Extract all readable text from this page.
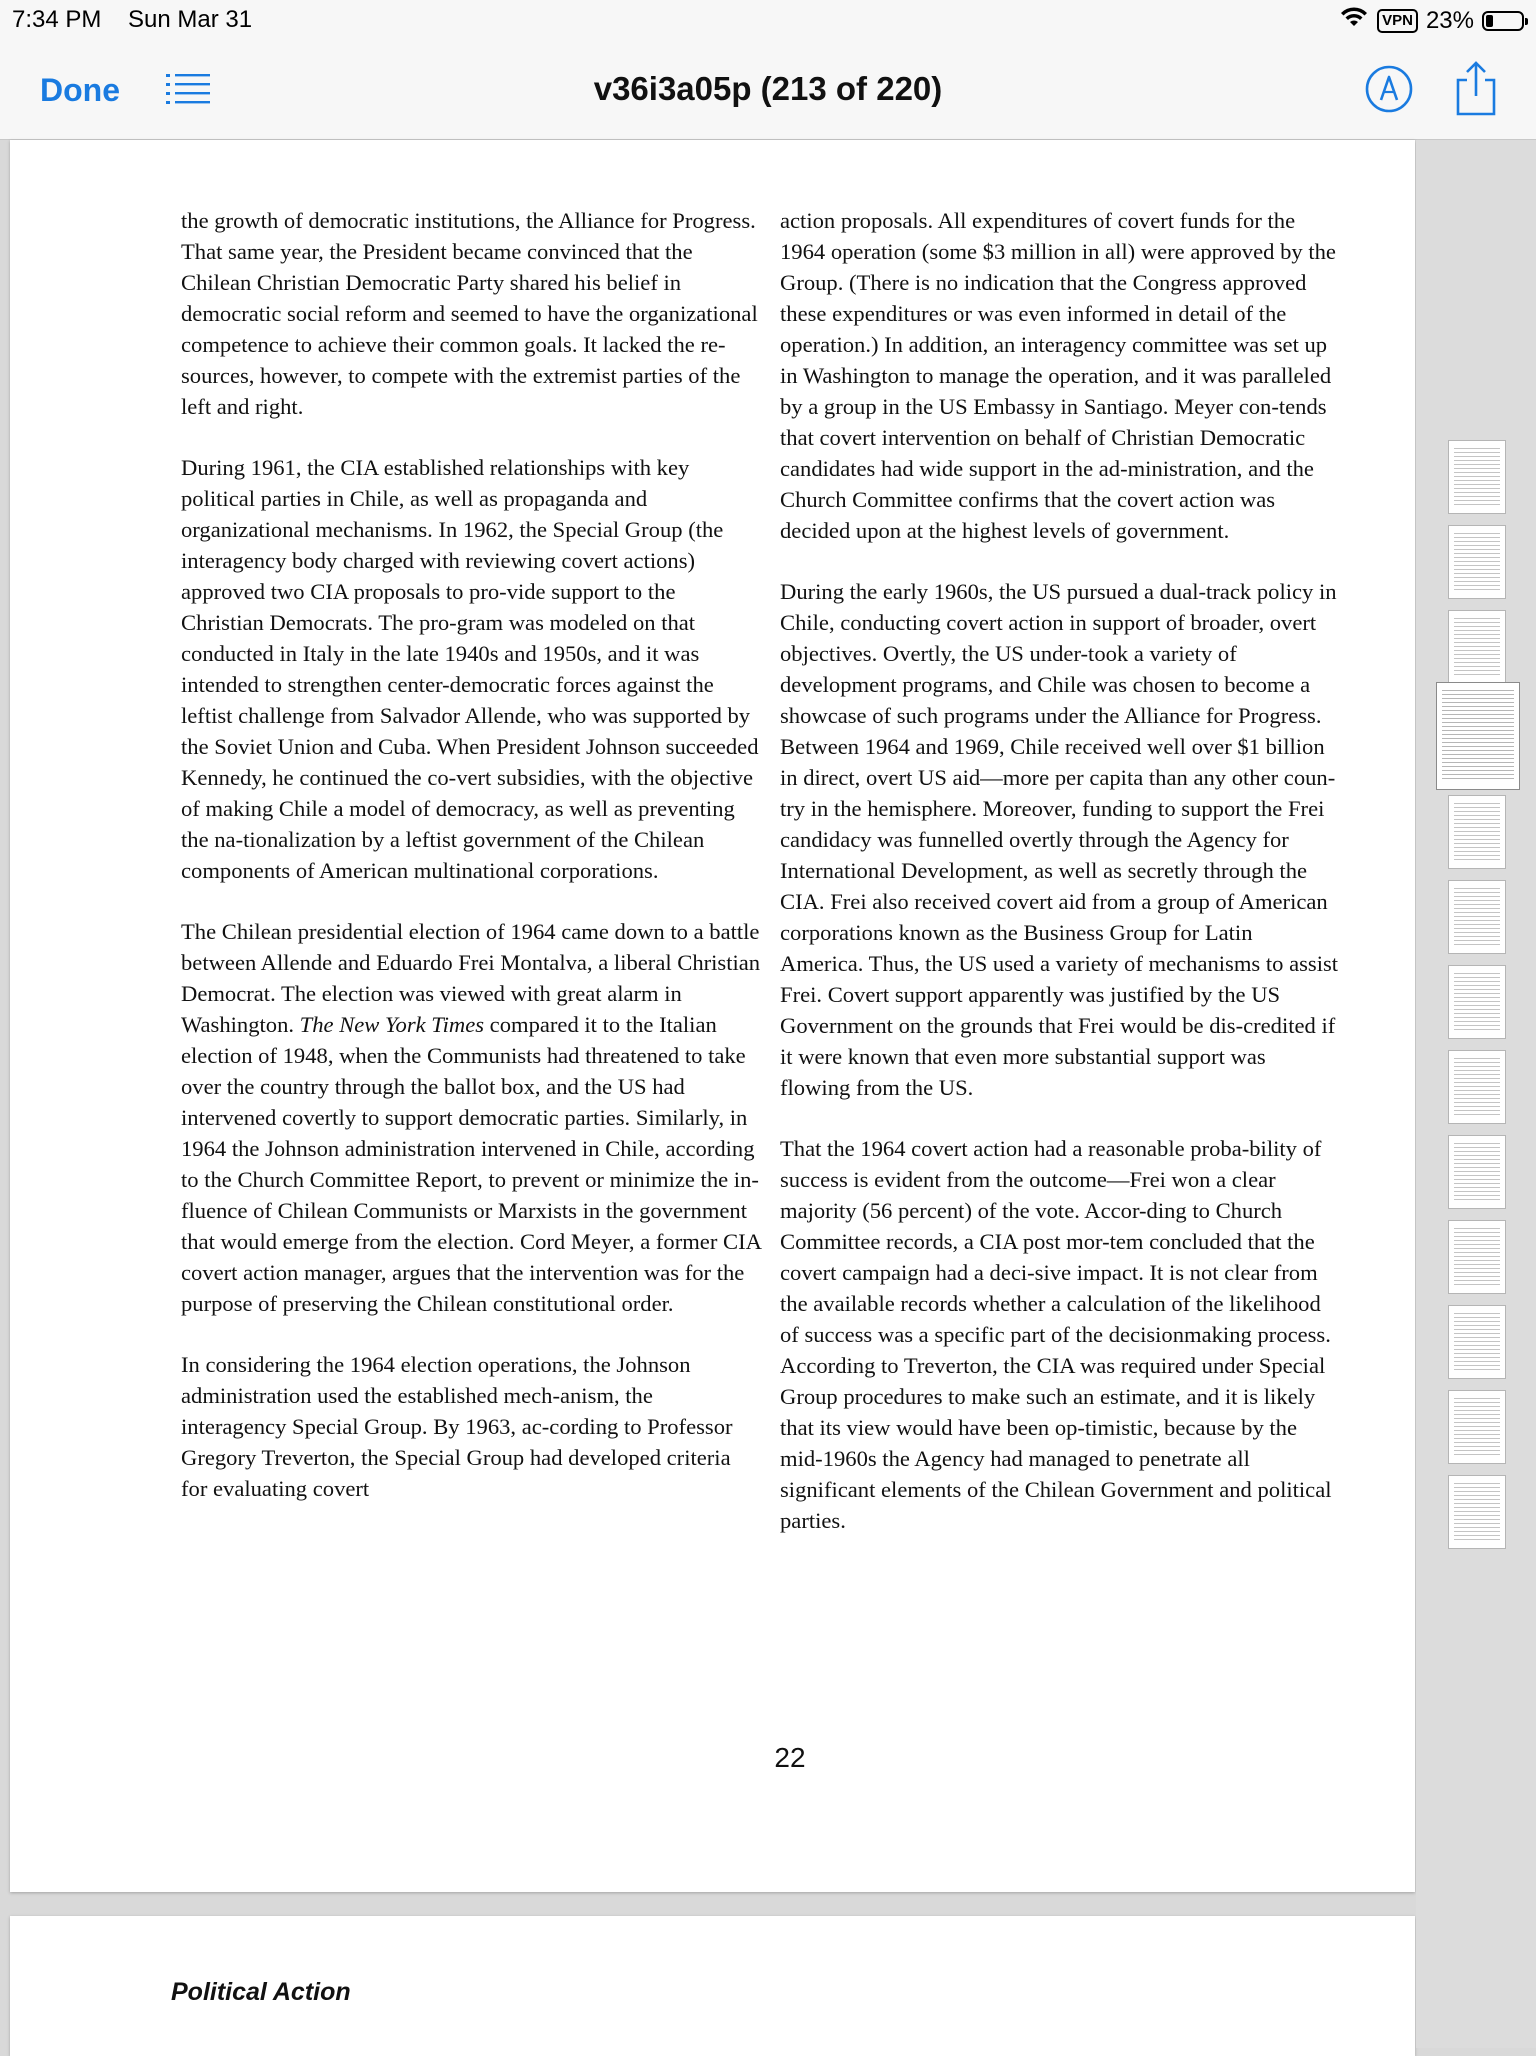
7:34 PM Sun Mar 31	VPN 23%
Done	v36i3a05p (213 of 220)

the growth of democratic institutions, the Alliance for Progress. That same year, the President became convinced that the Chilean Christian Democratic Party shared his belief in democratic social reform and seemed to have the organizational competence to achieve their common goals. It lacked the re-sources, however, to compete with the extremist parties of the left and right.

During 1961, the CIA established relationships with key political parties in Chile, as well as propaganda and organizational mechanisms. In 1962, the Special Group (the interagency body charged with reviewing covert actions) approved two CIA proposals to pro-vide support to the Christian Democrats. The pro-gram was modeled on that conducted in Italy in the late 1940s and 1950s, and it was intended to strengthen center-democratic forces against the leftist challenge from Salvador Allende, who was supported by the Soviet Union and Cuba. When President Johnson succeeded Kennedy, he continued the co-vert subsidies, with the objective of making Chile a model of democracy, as well as preventing the na-tionalization by a leftist government of the Chilean components of American multinational corporations.

The Chilean presidential election of 1964 came down to a battle between Allende and Eduardo Frei Montalva, a liberal Christian Democrat. The election was viewed with great alarm in Washington. The New York Times compared it to the Italian election of 1948, when the Communists had threatened to take over the country through the ballot box, and the US had intervened covertly to support democratic parties. Similarly, in 1964 the Johnson administration intervened in Chile, according to the Church Committee Report, to prevent or minimize the in-fluence of Chilean Communists or Marxists in the government that would emerge from the election. Cord Meyer, a former CIA covert action manager, argues that the intervention was for the purpose of preserving the Chilean constitutional order.

In considering the 1964 election operations, the Johnson administration used the established mech-anism, the interagency Special Group. By 1963, ac-cording to Professor Gregory Treverton, the Special Group had developed criteria for evaluating covert

action proposals. All expenditures of covert funds for the 1964 operation (some $3 million in all) were approved by the Group. (There is no indication that the Congress approved these expenditures or was even informed in detail of the operation.) In addition, an interagency committee was set up in Washington to manage the operation, and it was paralleled by a group in the US Embassy in Santiago. Meyer con-tends that covert intervention on behalf of Christian Democratic candidates had wide support in the ad-ministration, and the Church Committee confirms that the covert action was decided upon at the highest levels of government.

During the early 1960s, the US pursued a dual-track policy in Chile, conducting covert action in support of broader, overt objectives. Overtly, the US under-took a variety of development programs, and Chile was chosen to become a showcase of such programs under the Alliance for Progress. Between 1964 and 1969, Chile received well over $1 billion in direct, overt US aid—more per capita than any other coun-try in the hemisphere. Moreover, funding to support the Frei candidacy was funnelled overtly through the Agency for International Development, as well as secretly through the CIA. Frei also received covert aid from a group of American corporations known as the Business Group for Latin America. Thus, the US used a variety of mechanisms to assist Frei. Covert support apparently was justified by the US Government on the grounds that Frei would be dis-credited if it were known that even more substantial support was flowing from the US.

That the 1964 covert action had a reasonable proba-bility of success is evident from the outcome—Frei won a clear majority (56 percent) of the vote. Accor-ding to Church Committee records, a CIA post mor-tem concluded that the covert campaign had a deci-sive impact. It is not clear from the available records whether a calculation of the likelihood of success was a specific part of the decisionmaking process. According to Treverton, the CIA was required under Special Group procedures to make such an estimate, and it is likely that its view would have been op-timistic, because by the mid-1960s the Agency had managed to penetrate all significant elements of the Chilean Government and political parties.

22
Political Action
